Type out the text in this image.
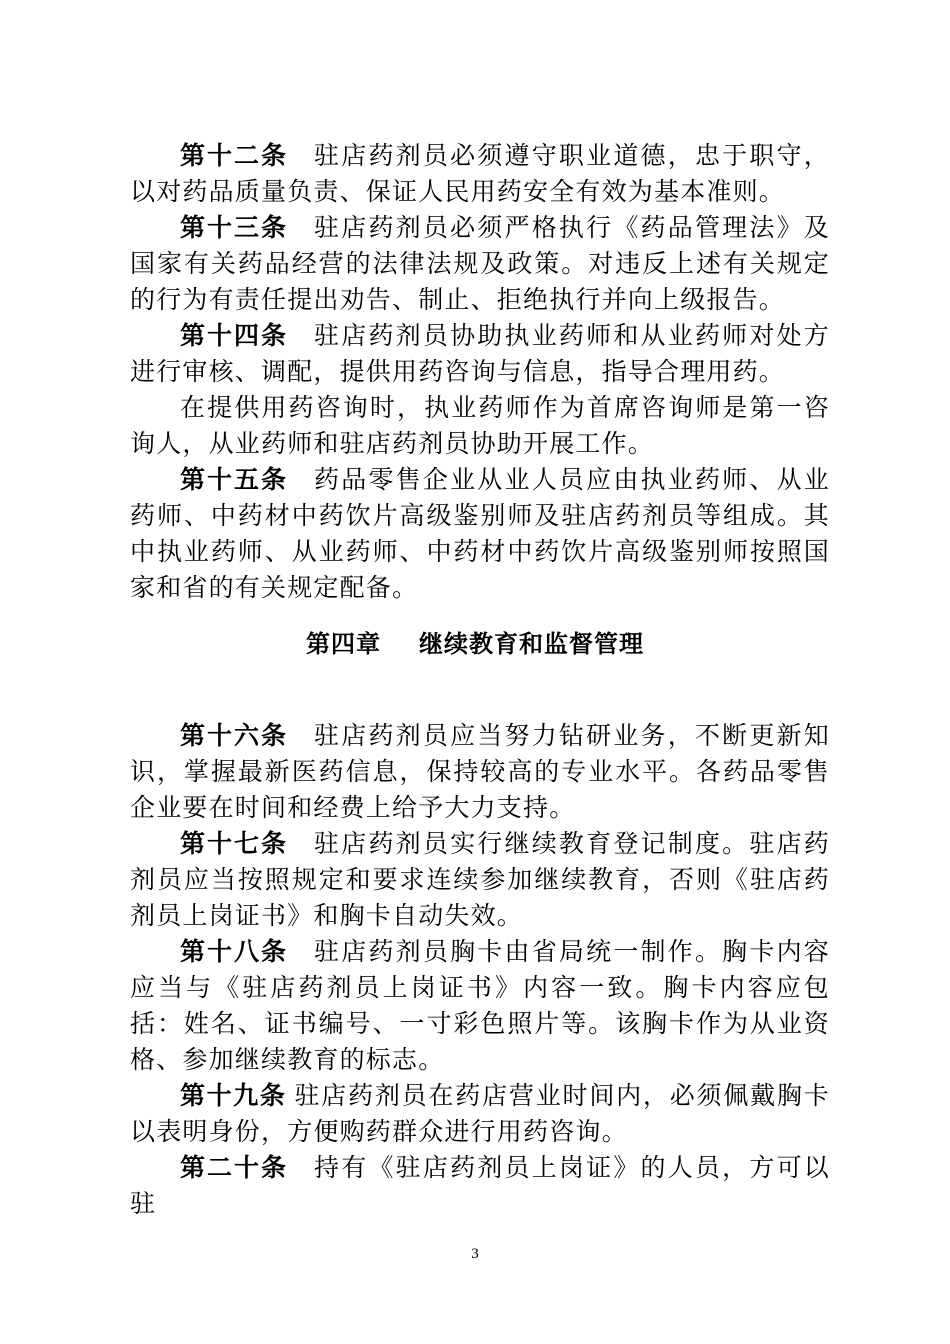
第十二条 驻店药剂员必须遵守职业道德，忠于职守，以对药品质量负责、保证人民用药安全有效为基本准则。

第十三条 驻店药剂员必须严格执行《药品管理法》及国家有关药品经营的法律法规及政策。对违反上述有关规定的行为有责任提出劝告、制止、拒绝执行并向上级报告。

第十四条 驻店药剂员协助执业药师和从业药师对处方进行审核、调配，提供用药咨询与信息，指导合理用药。

在提供用药咨询时，执业药师作为首席咨询师是第一咨询人，从业药师和驻店药剂员协助开展工作。

第十五条 药品零售企业从业人员应由执业药师、从业药师、中药材中药饮片高级鉴别师及驻店药剂员等组成。其中执业药师、从业药师、中药材中药饮片高级鉴别师按照国家和省的有关规定配备。

第四章 继续教育和监督管理

第十六条 驻店药剂员应当努力钻研业务，不断更新知识，掌握最新医药信息，保持较高的专业水平。各药品零售企业要在时间和经费上给予大力支持。

第十七条 驻店药剂员实行继续教育登记制度。驻店药剂员应当按照规定和要求连续参加继续教育，否则《驻店药剂员上岗证书》和胸卡自动失效。

第十八条 驻店药剂员胸卡由省局统一制作。胸卡内容应当与《驻店药剂员上岗证书》内容一致。胸卡内容应包括：姓名、证书编号、一寸彩色照片等。该胸卡作为从业资格、参加继续教育的标志。

第十九条 驻店药剂员在药店营业时间内，必须佩戴胸卡以表明身份，方便购药群众进行用药咨询。

第二十条 持有《驻店药剂员上岗证》的人员，方可以驻

3
